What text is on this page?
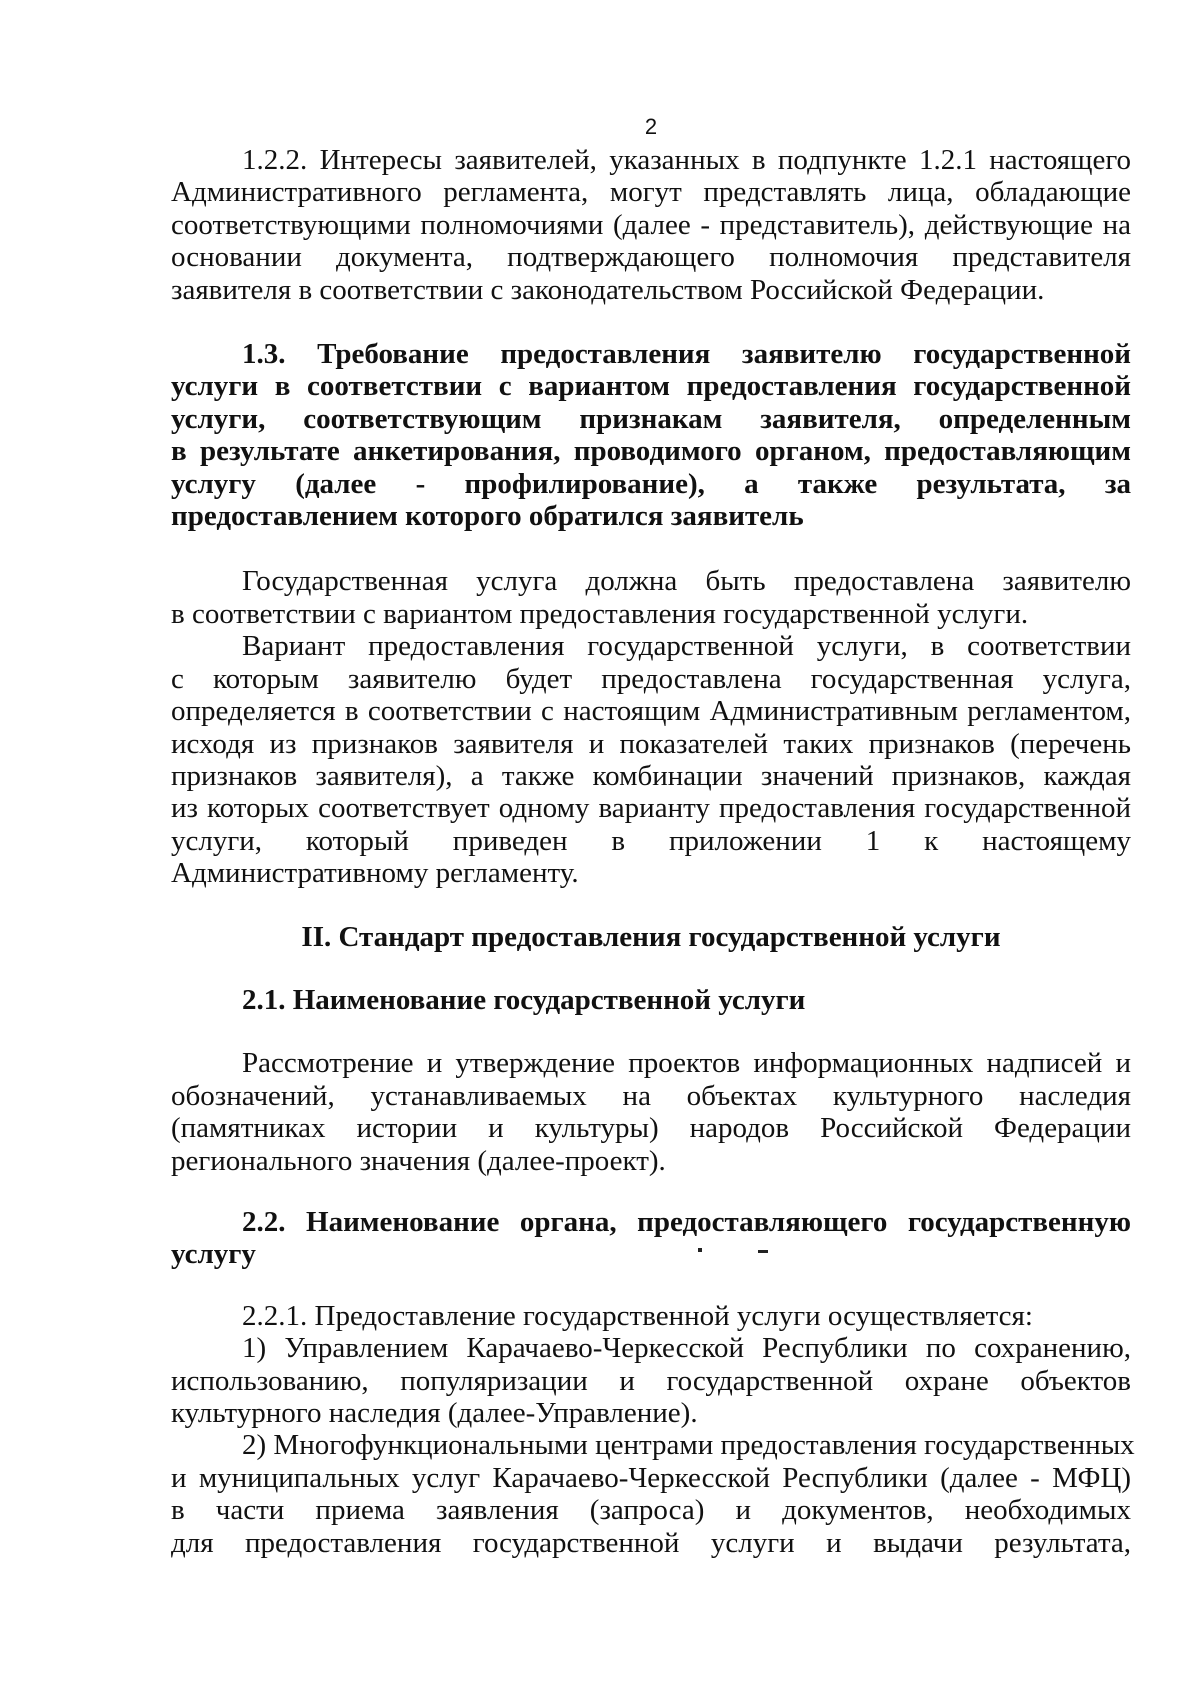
2
1.2.2. Интересы заявителей, указанных в подпункте 1.2.1 настоящего
Административного регламента, могут представлять лица, обладающие
соответствующими полномочиями (далее - представитель), действующие на
основании документа, подтверждающего полномочия представителя
заявителя в соответствии с законодательством Российской Федерации.
1.3. Требование предоставления заявителю государственной
услуги в соответствии с вариантом предоставления государственной
услуги, соответствующим признакам заявителя, определенным
в результате анкетирования, проводимого органом, предоставляющим
услугу (далее - профилирование), а также результата, за
предоставлением которого обратился заявитель
Государственная услуга должна быть предоставлена заявителю
в соответствии с вариантом предоставления государственной услуги.
Вариант предоставления государственной услуги, в соответствии
с которым заявителю будет предоставлена государственная услуга,
определяется в соответствии с настоящим Административным регламентом,
исходя из признаков заявителя и показателей таких признаков (перечень
признаков заявителя), а также комбинации значений признаков, каждая
из которых соответствует одному варианту предоставления государственной
услуги, который приведен в приложении 1 к настоящему
Административному регламенту.
II. Стандарт предоставления государственной услуги
2.1. Наименование государственной услуги
Рассмотрение и утверждение проектов информационных надписей и
обозначений, устанавливаемых на объектах культурного наследия
(памятниках истории и культуры) народов Российской Федерации
регионального значения (далее-проект).
2.2. Наименование органа, предоставляющего государственную
услугу
2.2.1. Предоставление государственной услуги осуществляется:
1) Управлением Карачаево-Черкесской Республики по сохранению,
использованию, популяризации и государственной охране объектов
культурного наследия (далее-Управление).
2) Многофункциональными центрами предоставления государственных
и муниципальных услуг Карачаево-Черкесской Республики (далее - МФЦ)
в части приема заявления (запроса) и документов, необходимых
для предоставления государственной услуги и выдачи результата,
